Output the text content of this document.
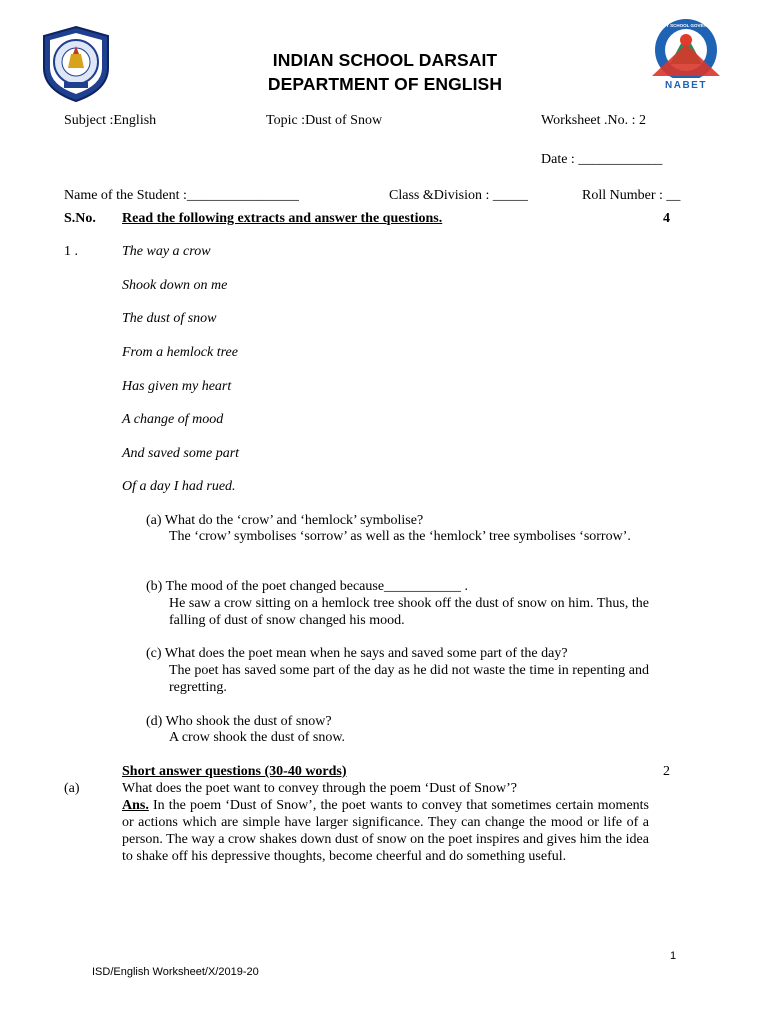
NABET
QUALITY SCHOOL GOVERNANCE
INDIAN SCHOOL DARSAIT
DEPARTMENT OF ENGLISH
Subject :English	Topic :Dust of Snow	Worksheet .No. : 2
Date : ____________
Name of the Student :________________	Class &Division : _____	Roll Number : __
S.No. Read the following extracts and answer the questions.	4
1 .	The way a crow
Shook down on me
The dust of snow
From a hemlock tree
Has given my heart
A change of mood
And saved some part
Of a day I had rued.
(a) What do the ‘crow’ and ‘hemlock’ symbolise?
The ‘crow’ symbolises ‘sorrow’ as well as the ‘hemlock’ tree symbolises ‘sorrow’.
(b) The mood of the poet changed because___________ .
He saw a crow sitting on a hemlock tree shook off the dust of snow on him. Thus, the falling of dust of snow changed his mood.
(c) What does the poet mean when he says and saved some part of the day?
The poet has saved some part of the day as he did not waste the time in repenting and regretting.
(d) Who shook the dust of snow?
A crow shook the dust of snow.
Short answer questions (30-40 words)	2
(a)	What does the poet want to convey through the poem ‘Dust of Snow’?
Ans. In the poem ‘Dust of Snow’, the poet wants to convey that sometimes certain moments or actions which are simple have larger significance. They can change the mood or life of a person. The way a crow shakes down dust of snow on the poet inspires and gives him the idea to shake off his depressive thoughts, become cheerful and do something useful.
1
ISD/English Worksheet/X/2019-20
